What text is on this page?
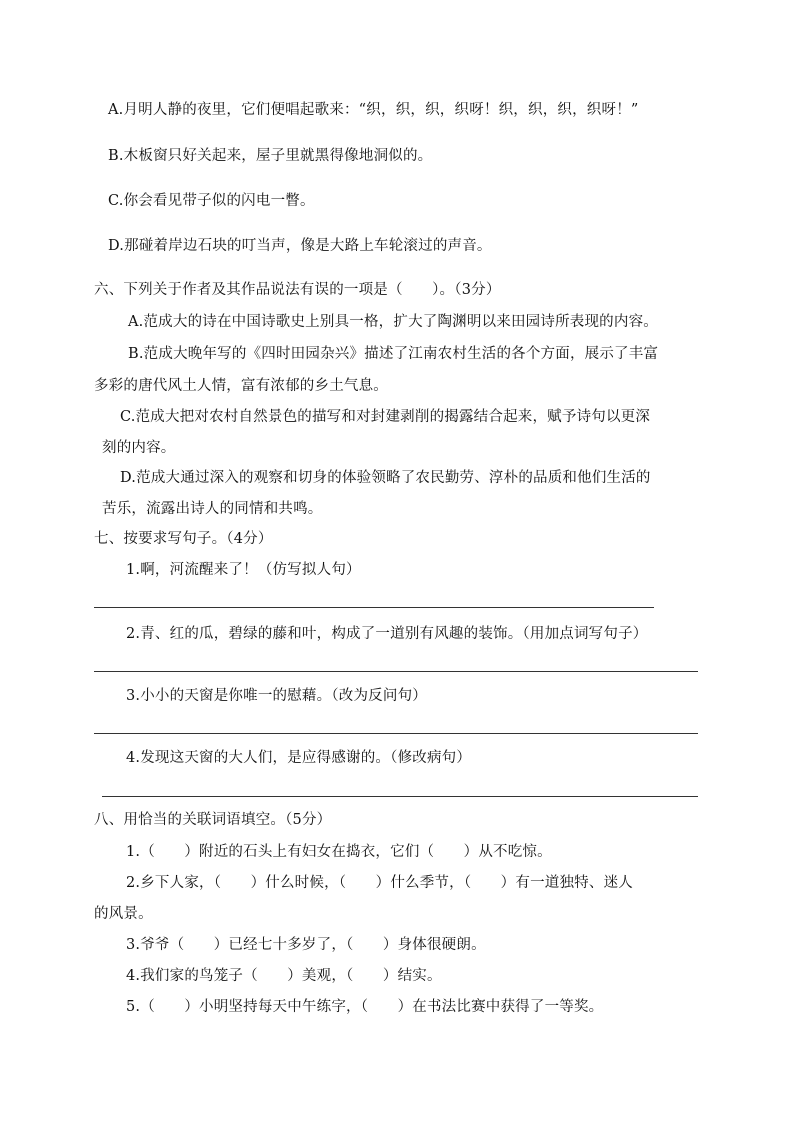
A.月明人静的夜里，它们便唱起歌来：“织，织，织，织呀！织，织，织，织呀！”
B.木板窗只好关起来，屋子里就黑得像地洞似的。
C.你会看见带子似的闪电一瞥。
D.那碰着岸边石块的叮当声，像是大路上车轮滚过的声音。
六、下列关于作者及其作品说法有误的一项是（　　）。（3分）
A.范成大的诗在中国诗歌史上别具一格，扩大了陶渊明以来田园诗所表现的内容。
B.范成大晚年写的《四时田园杂兴》描述了江南农村生活的各个方面，展示了丰富
多彩的唐代风土人情，富有浓郁的乡土气息。
C.范成大把对农村自然景色的描写和对封建剥削的揭露结合起来，赋予诗句以更深
刻的内容。
D.范成大通过深入的观察和切身的体验领略了农民勤劳、淳朴的品质和他们生活的
苦乐，流露出诗人的同情和共鸣。
七、按要求写句子。（4分）
1.啊，河流醒来了！（仿写拟人句）
2.青、红的瓜，碧绿的藤和叶，构成了一道别有风趣的装饰。（用加点词写句子）
3.小小的天窗是你唯一的慰藉。（改为反问句）
4.发现这天窗的大人们，是应得感谢的。（修改病句）
八、用恰当的关联词语填空。（5分）
1.（　　）附近的石头上有妇女在捣衣，它们（　　）从不吃惊。
2.乡下人家，（　　）什么时候，（　　）什么季节，（　　）有一道独特、迷人
的风景。
3.爷爷（　　）已经七十多岁了，（　　）身体很硬朗。
4.我们家的鸟笼子（　　）美观，（　　）结实。
5.（　　）小明坚持每天中午练字，（　　）在书法比赛中获得了一等奖。
